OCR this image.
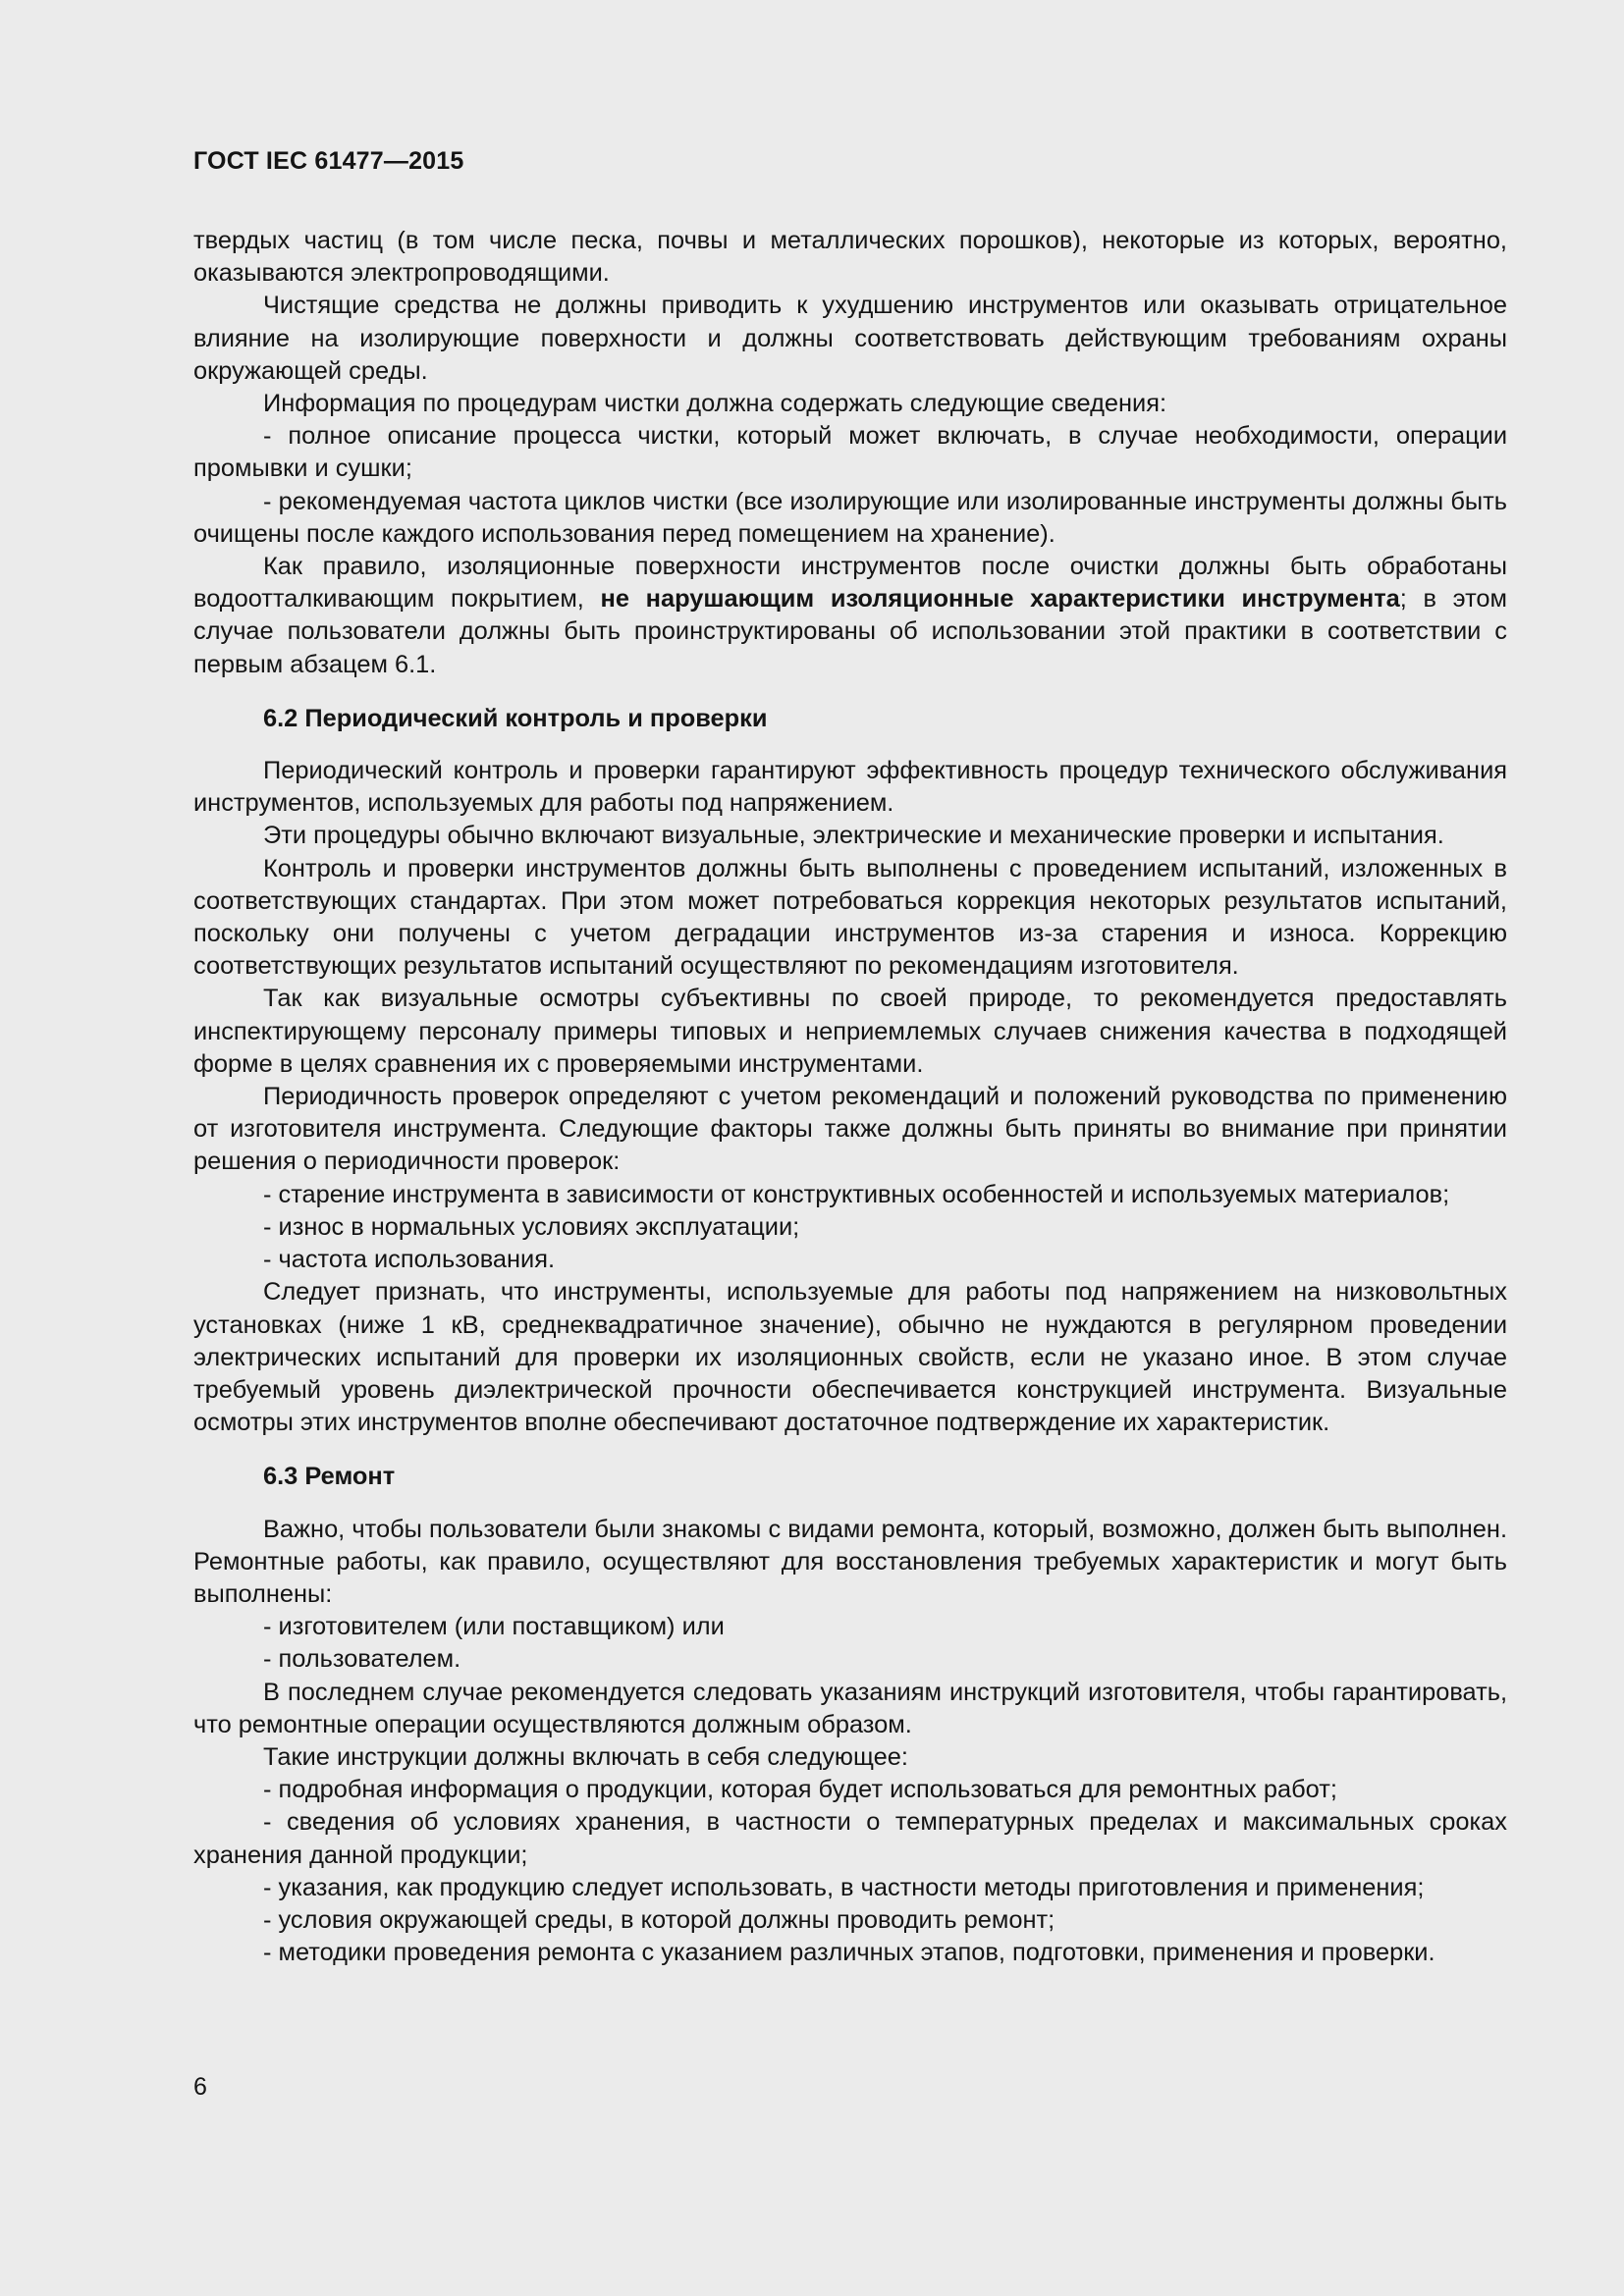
ГОСТ IEC 61477—2015

твердых частиц (в том числе песка, почвы и металлических порошков), некоторые из которых, вероятно, оказываются электропроводящими.

Чистящие средства не должны приводить к ухудшению инструментов или оказывать отрицательное влияние на изолирующие поверхности и должны соответствовать действующим требованиям охраны окружающей среды.

Информация по процедурам чистки должна содержать следующие сведения:

- полное описание процесса чистки, который может включать, в случае необходимости, операции промывки и сушки;

- рекомендуемая частота циклов чистки (все изолирующие или изолированные инструменты должны быть очищены после каждого использования перед помещением на хранение).

Как правило, изоляционные поверхности инструментов после очистки должны быть обработаны водоотталкивающим покрытием, не нарушающим изоляционные характеристики инструмента; в этом случае пользователи должны быть проинструктированы об использовании этой практики в соответствии с первым абзацем 6.1.

6.2 Периодический контроль и проверки

Периодический контроль и проверки гарантируют эффективность процедур технического обслуживания инструментов, используемых для работы под напряжением.

Эти процедуры обычно включают визуальные, электрические и механические проверки и испытания.

Контроль и проверки инструментов должны быть выполнены с проведением испытаний, изложенных в соответствующих стандартах. При этом может потребоваться коррекция некоторых результатов испытаний, поскольку они получены с учетом деградации инструментов из-за старения и износа. Коррекцию соответствующих результатов испытаний осуществляют по рекомендациям изготовителя.

Так как визуальные осмотры субъективны по своей природе, то рекомендуется предоставлять инспектирующему персоналу примеры типовых и неприемлемых случаев снижения качества в подходящей форме в целях сравнения их с проверяемыми инструментами.

Периодичность проверок определяют с учетом рекомендаций и положений руководства по применению от изготовителя инструмента. Следующие факторы также должны быть приняты во внимание при принятии решения о периодичности проверок:

- старение инструмента в зависимости от конструктивных особенностей и используемых материалов;

- износ в нормальных условиях эксплуатации;

- частота использования.

Следует признать, что инструменты, используемые для работы под напряжением на низковольтных установках (ниже 1 кВ, среднеквадратичное значение), обычно не нуждаются в регулярном проведении электрических испытаний для проверки их изоляционных свойств, если не указано иное. В этом случае требуемый уровень диэлектрической прочности обеспечивается конструкцией инструмента. Визуальные осмотры этих инструментов вполне обеспечивают достаточное подтверждение их характеристик.

6.3 Ремонт

Важно, чтобы пользователи были знакомы с видами ремонта, который, возможно, должен быть выполнен. Ремонтные работы, как правило, осуществляют для восстановления требуемых характеристик и могут быть выполнены:

- изготовителем (или поставщиком) или

- пользователем.

В последнем случае рекомендуется следовать указаниям инструкций изготовителя, чтобы гарантировать, что ремонтные операции осуществляются должным образом.

Такие инструкции должны включать в себя следующее:

- подробная информация о продукции, которая будет использоваться для ремонтных работ;

- сведения об условиях хранения, в частности о температурных пределах и максимальных сроках хранения данной продукции;

- указания, как продукцию следует использовать, в частности методы приготовления и применения;

- условия окружающей среды, в которой должны проводить ремонт;

- методики проведения ремонта с указанием различных этапов, подготовки, применения и проверки.

6
